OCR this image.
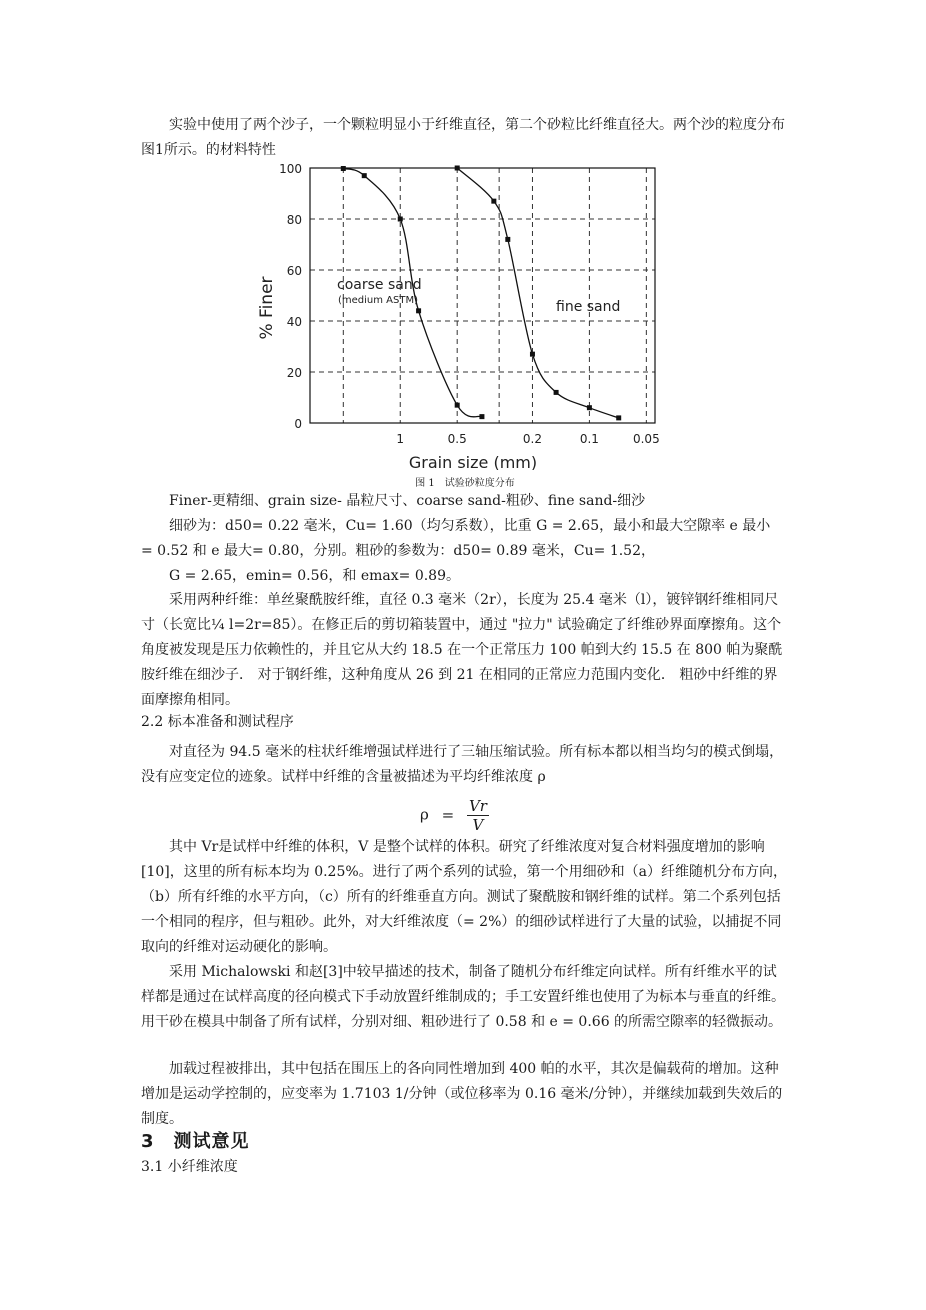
实验中使用了两个沙子，一个颗粒明显小于纤维直径，第二个砂粒比纤维直径大。两个沙的粒度分布图1所示。的材料特性

0
20
40
60
80
100
1	0.5	0.2	0.1	0.05
% Finer
Grain size (mm)
coarse sand
(medium ASTM)	fine sand
图 1　试验砂粒度分布
Finer-更精细、grain size- 晶粒尺寸、coarse sand-粗砂、fine sand-细沙
细砂为：d50= 0.22 毫米，Cu= 1.60（均匀系数），比重 G = 2.65，最小和最大空隙率 e 最小
= 0.52 和 e 最大= 0.80，分别。粗砂的参数为：d50= 0.89 毫米，Cu= 1.52，
G = 2.65，emin= 0.56，和 emax= 0.89。

采用两种纤维：单丝聚酰胺纤维，直径 0.3 毫米（2r），长度为 25.4 毫米（l），镀锌钢纤维相同尺寸（长宽比¼ l=2r=85）。在修正后的剪切箱装置中，通过 "拉力" 试验确定了纤维砂界面摩擦角。这个角度被发现是压力依赖性的，并且它从大约 18.5 在一个正常压力 100 帕到大约 15.5 在 800 帕为聚酰胺纤维在细沙子． 对于钢纤维，这种角度从 26 到 21 在相同的正常应力范围内变化． 粗砂中纤维的界面摩擦角相同。

2.2 标本准备和测试程序

对直径为 94.5 毫米的柱状纤维增强试样进行了三轴压缩试验。所有标本都以相当均匀的模式倒塌，没有应变定位的迹象。试样中纤维的含量被描述为平均纤维浓度 ρ

$\rho = \frac{Vr}{V}$

其中 Vr是试样中纤维的体积，V 是整个试样的体积。研究了纤维浓度对复合材料强度增加的影响[10]，这里的所有标本均为 0.25%。进行了两个系列的试验，第一个用细砂和（a）纤维随机分布方向，（b）所有纤维的水平方向，（c）所有的纤维垂直方向。测试了聚酰胺和钢纤维的试样。第二个系列包括一个相同的程序，但与粗砂。此外，对大纤维浓度（= 2%）的细砂试样进行了大量的试验，以捕捉不同取向的纤维对运动硬化的影响。

采用 Michalowski 和赵[3]中较早描述的技术，制备了随机分布纤维定向试样。所有纤维水平的试样都是通过在试样高度的径向模式下手动放置纤维制成的；手工安置纤维也使用了为标本与垂直的纤维。用干砂在模具中制备了所有试样，分别对细、粗砂进行了 0.58 和 e = 0.66 的所需空隙率的轻微振动。

加载过程被排出，其中包括在围压上的各向同性增加到 400 帕的水平，其次是偏载荷的增加。这种增加是运动学控制的，应变率为 1.7103 1/分钟（或位移率为 0.16 毫米/分钟），并继续加载到失效后的制度。

3　测试意见
3.1 小纤维浓度
